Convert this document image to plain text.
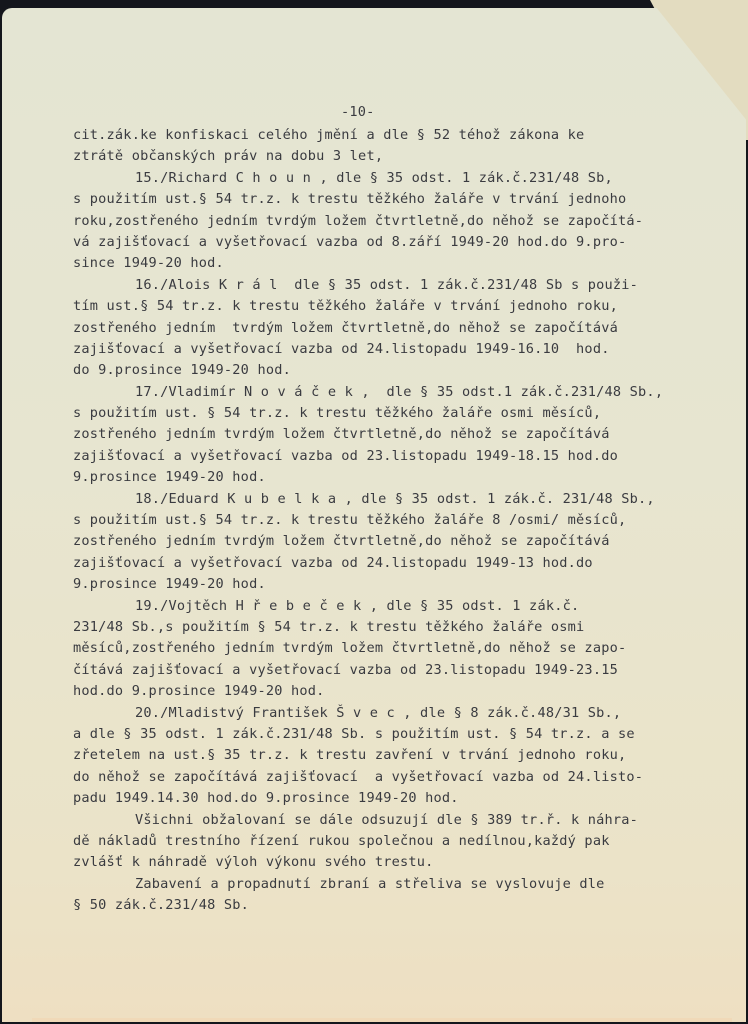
-10-
cit.zák.ke konfiskaci celého jmění a dle § 52 téhož zákona ke
ztrátě občanských práv na dobu 3 let,
15./Richard C h o u n , dle § 35 odst. 1 zák.č.231/48 Sb,
s použitím ust.§ 54 tr.z. k trestu těžkého žaláře v trvání jednoho
roku,zostřeného jedním tvrdým ložem čtvrtletně,do něhož se započítá-
vá zajišťovací a vyšetřovací vazba od 8.září 1949-20 hod.do 9.pro-
since 1949-20 hod.
16./Alois K r á l  dle § 35 odst. 1 zák.č.231/48 Sb s použi-
tím ust.§ 54 tr.z. k trestu těžkého žaláře v trvání jednoho roku,
zostřeného jedním  tvrdým ložem čtvrtletně,do něhož se započítává
zajišťovací a vyšetřovací vazba od 24.listopadu 1949-16.10  hod.
do 9.prosince 1949-20 hod.
17./Vladimír N o v á č e k ,  dle § 35 odst.1 zák.č.231/48 Sb.,
s použitím ust. § 54 tr.z. k trestu těžkého žaláře osmi měsíců,
zostřeného jedním tvrdým ložem čtvrtletně,do něhož se započítává
zajišťovací a vyšetřovací vazba od 23.listopadu 1949-18.15 hod.do
9.prosince 1949-20 hod.
18./Eduard K u b e l k a , dle § 35 odst. 1 zák.č. 231/48 Sb.,
s použitím ust.§ 54 tr.z. k trestu těžkého žaláře 8 /osmi/ měsíců,
zostřeného jedním tvrdým ložem čtvrtletně,do něhož se započítává
zajišťovací a vyšetřovací vazba od 24.listopadu 1949-13 hod.do
9.prosince 1949-20 hod.
19./Vojtěch H ř e b e č e k , dle § 35 odst. 1 zák.č.
231/48 Sb.,s použitím § 54 tr.z. k trestu těžkého žaláře osmi
měsíců,zostřeného jedním tvrdým ložem čtvrtletně,do něhož se zapo-
čítává zajišťovací a vyšetřovací vazba od 23.listopadu 1949-23.15
hod.do 9.prosince 1949-20 hod.
20./Mladistvý František Š v e c , dle § 8 zák.č.48/31 Sb.,
a dle § 35 odst. 1 zák.č.231/48 Sb. s použitím ust. § 54 tr.z. a se
zřetelem na ust.§ 35 tr.z. k trestu zavření v trvání jednoho roku,
do něhož se započítává zajišťovací  a vyšetřovací vazba od 24.listo-
padu 1949.14.30 hod.do 9.prosince 1949-20 hod.
Všichni obžalovaní se dále odsuzují dle § 389 tr.ř. k náhra-
dě nákladů trestního řízení rukou společnou a nedílnou,každý pak
zvlášť k náhradě výloh výkonu svého trestu.
Zabavení a propadnutí zbraní a střeliva se vyslovuje dle
§ 50 zák.č.231/48 Sb.
